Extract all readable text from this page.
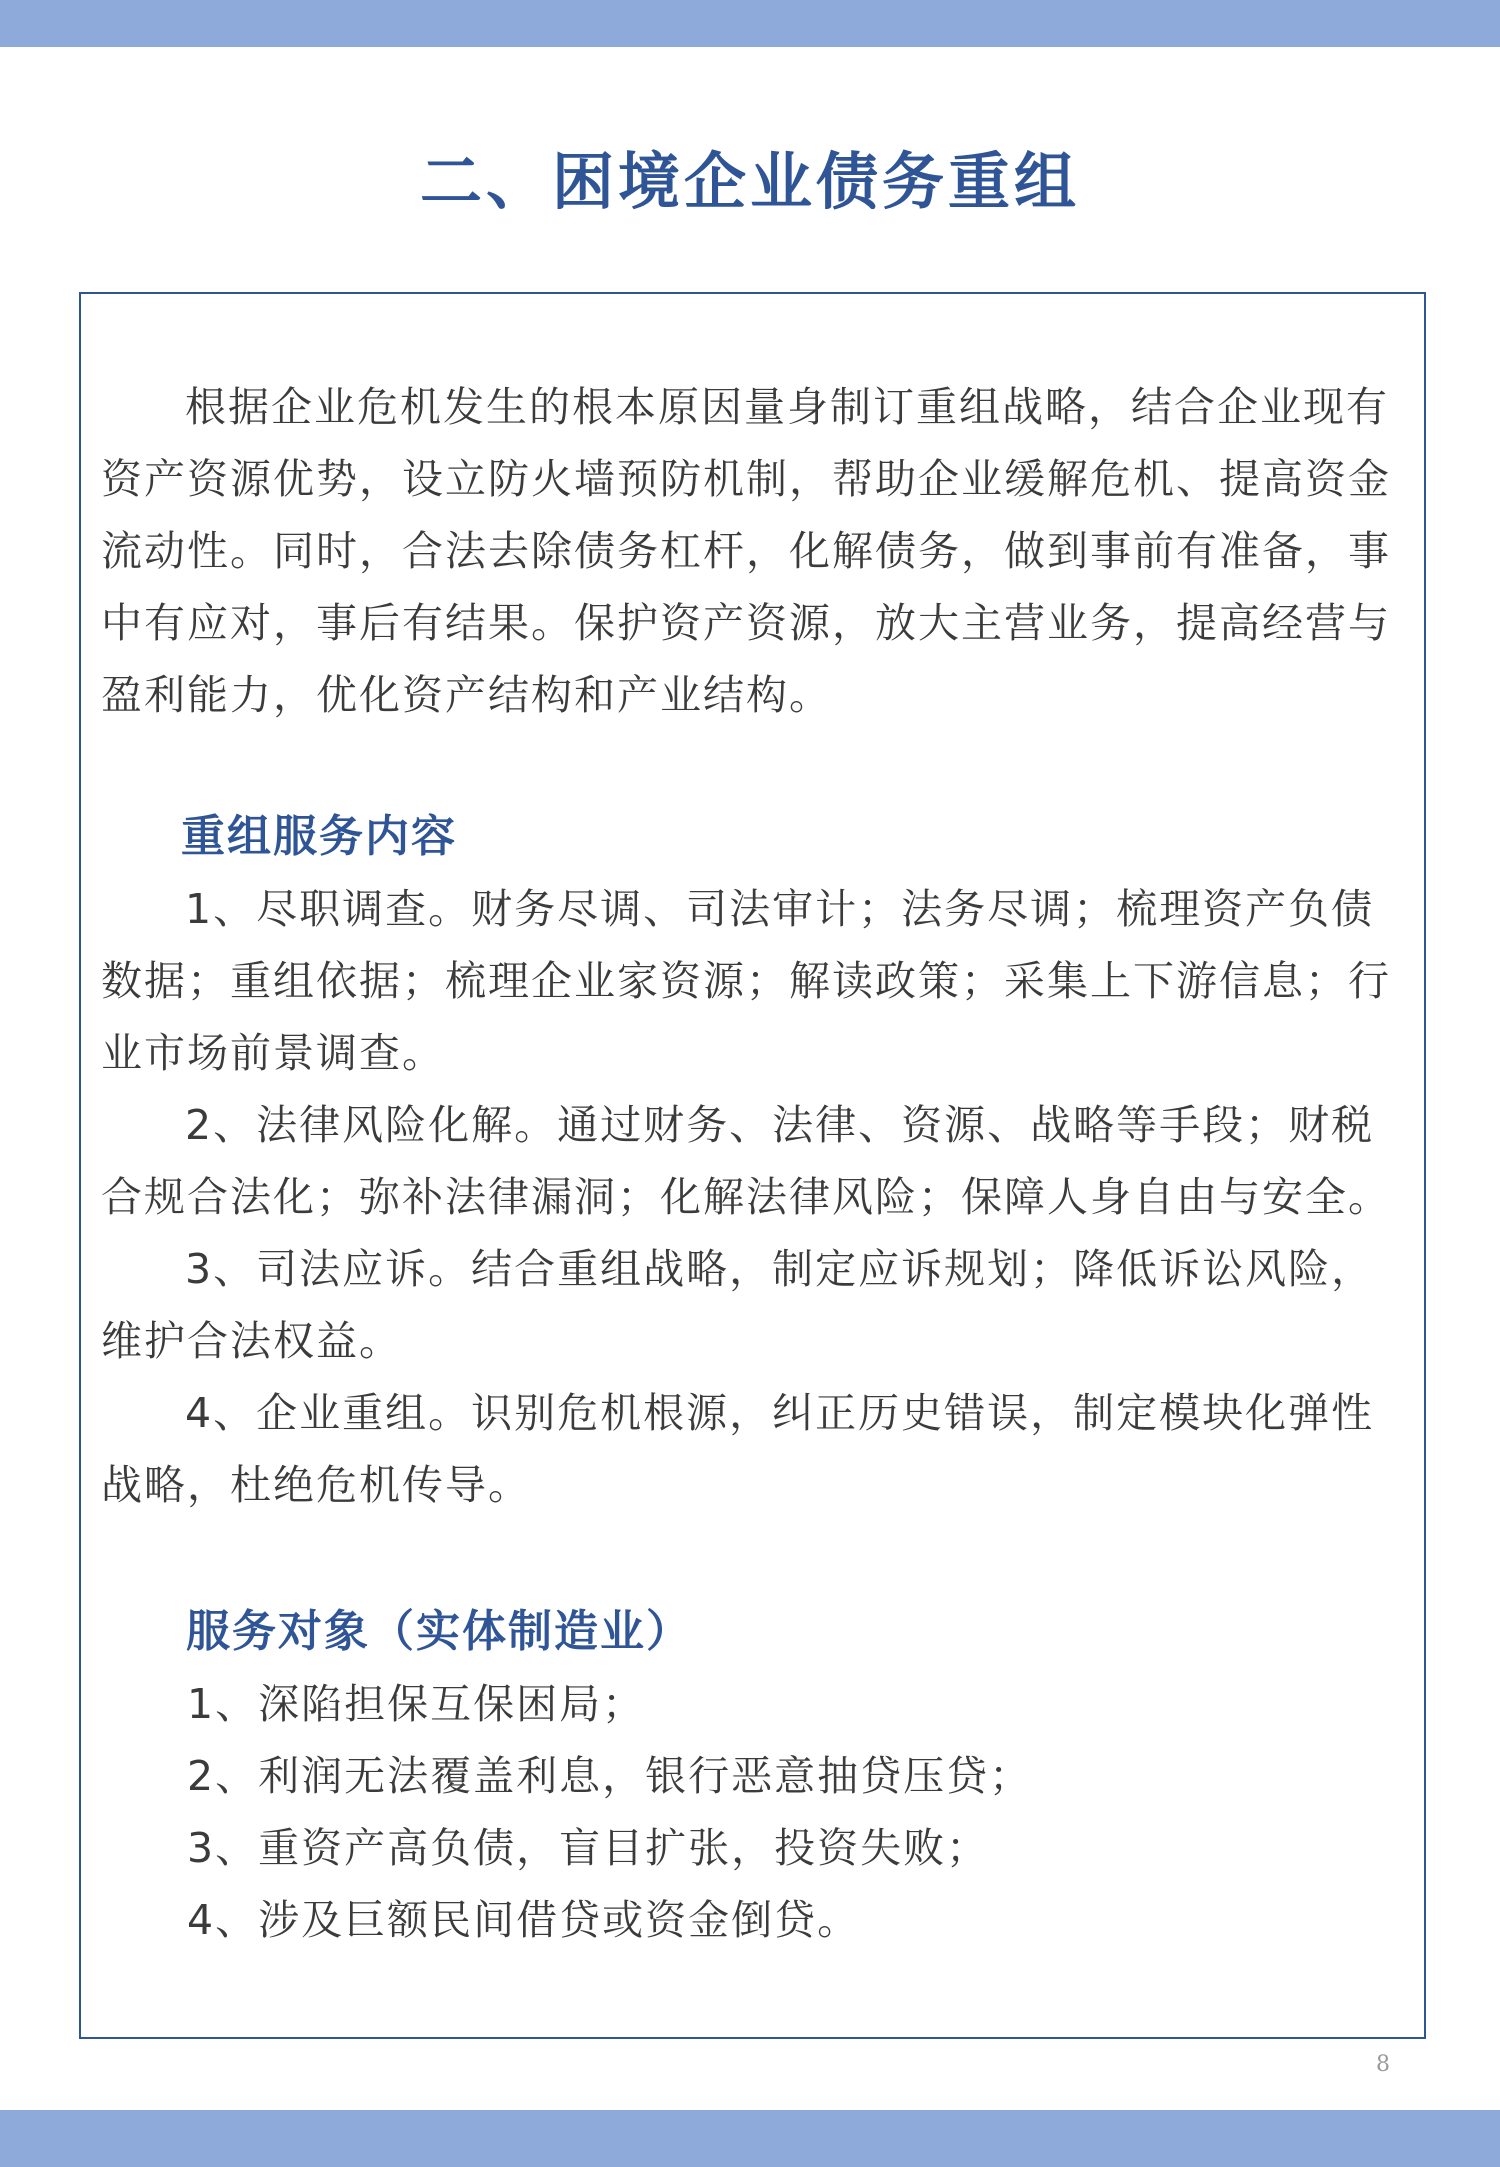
二、困境企业债务重组

根据企业危机发生的根本原因量身制订重组战略，结合企业现有资产资源优势，设立防火墙预防机制，帮助企业缓解危机、提高资金流动性。同时，合法去除债务杠杆，化解债务，做到事前有准备，事中有应对，事后有结果。保护资产资源，放大主营业务，提高经营与盈利能力，优化资产结构和产业结构。

重组服务内容
1、尽职调查。财务尽调、司法审计；法务尽调；梳理资产负债数据；重组依据；梳理企业家资源；解读政策；采集上下游信息；行业市场前景调查。
2、法律风险化解。通过财务、法律、资源、战略等手段；财税合规合法化；弥补法律漏洞；化解法律风险；保障人身自由与安全。
3、司法应诉。结合重组战略，制定应诉规划；降低诉讼风险，维护合法权益。
4、企业重组。识别危机根源，纠正历史错误，制定模块化弹性战略，杜绝危机传导。
服务对象（实体制造业）
1、深陷担保互保困局；
2、利润无法覆盖利息，银行恶意抽贷压贷；
3、重资产高负债，盲目扩张，投资失败；
4、涉及巨额民间借贷或资金倒贷。
8
